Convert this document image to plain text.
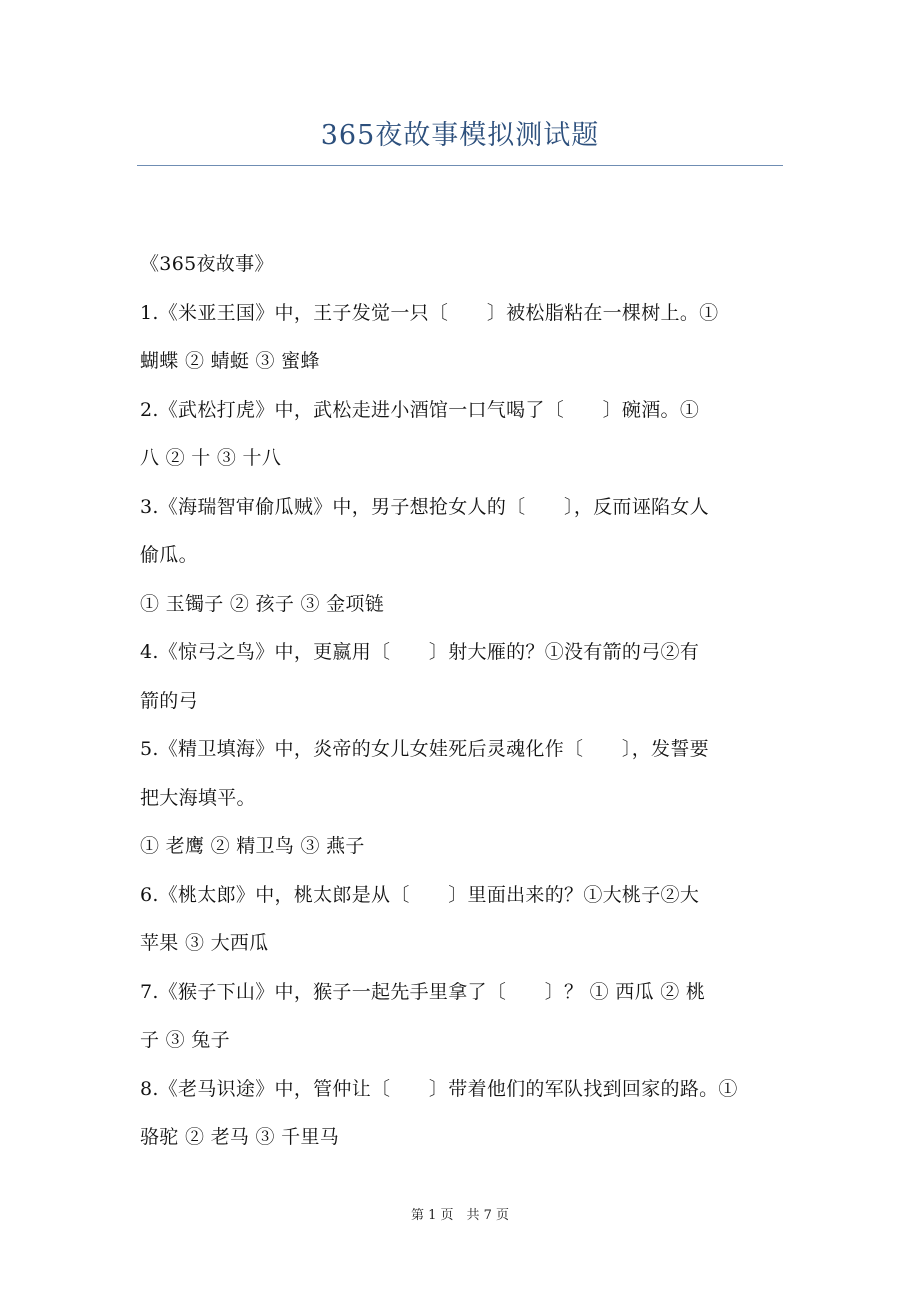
365夜故事模拟测试题
《365夜故事》
1.《米亚王国》中，王子发觉一只〔　　〕被松脂粘在一棵树上。①
蝴蝶 ② 蜻蜓 ③ 蜜蜂
2.《武松打虎》中，武松走进小酒馆一口气喝了〔　　〕碗酒。①
八 ② 十 ③ 十八
3.《海瑞智审偷瓜贼》中，男子想抢女人的〔　　〕，反而诬陷女人
偷瓜。
① 玉镯子 ② 孩子 ③ 金项链
4.《惊弓之鸟》中，更嬴用〔　　〕射大雁的？①没有箭的弓②有
箭的弓
5.《精卫填海》中，炎帝的女儿女娃死后灵魂化作〔　　〕，发誓要
把大海填平。
① 老鹰 ② 精卫鸟 ③ 燕子
6.《桃太郎》中，桃太郎是从〔　　〕里面出来的？①大桃子②大
苹果 ③ 大西瓜
7.《猴子下山》中，猴子一起先手里拿了〔　　〕？ ① 西瓜 ② 桃
子 ③ 兔子
8.《老马识途》中，管仲让〔　　〕带着他们的军队找到回家的路。①
骆驼 ② 老马 ③ 千里马
第 1 页　共 7 页
